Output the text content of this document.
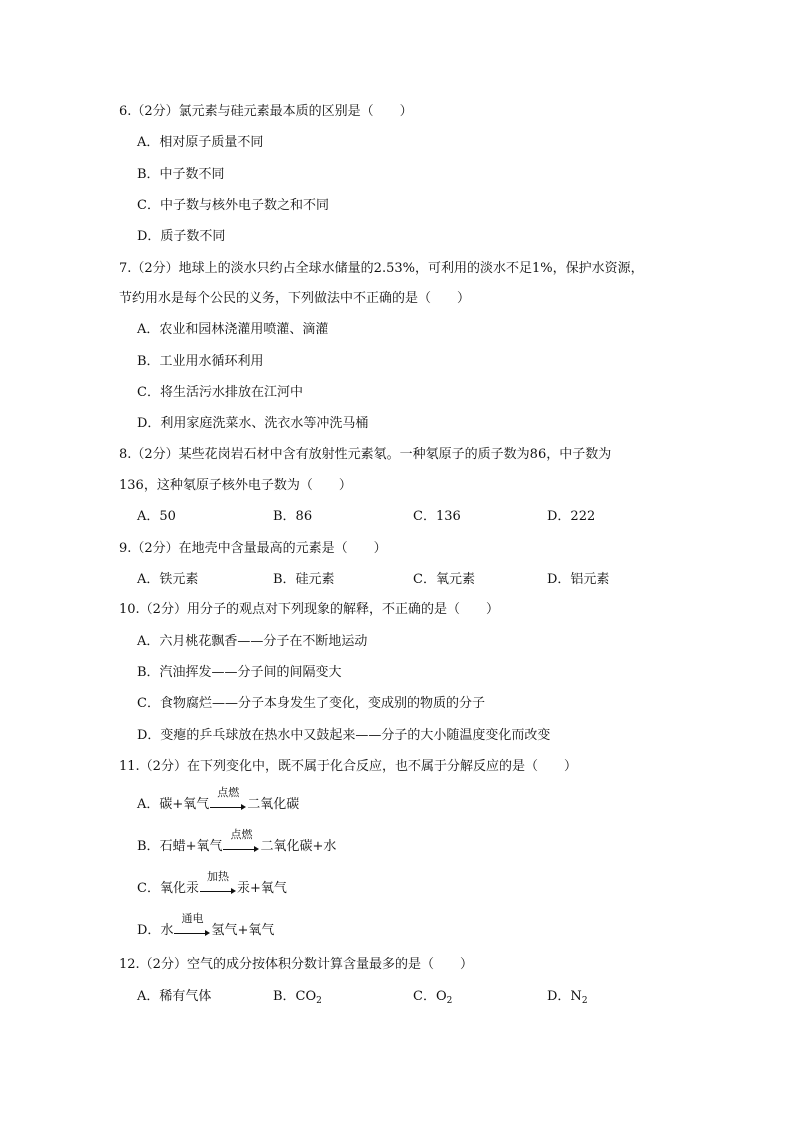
6.（2分）氯元素与硅元素最本质的区别是（　　）
A．相对原子质量不同
B．中子数不同
C．中子数与核外电子数之和不同
D．质子数不同
7.（2分）地球上的淡水只约占全球水储量的2.53%，可利用的淡水不足1%，保护水资源，
节约用水是每个公民的义务，下列做法中不正确的是（　　）
A．农业和园林浇灌用喷灌、滴灌
B．工业用水循环利用
C．将生活污水排放在江河中
D．利用家庭洗菜水、洗衣水等冲洗马桶
8.（2分）某些花岗岩石材中含有放射性元素氡。一种氡原子的质子数为86，中子数为
136，这种氡原子核外电子数为（　　）
A．50	B．86	C．136	D．222
9.（2分）在地壳中含量最高的元素是（　　）
A．铁元素	B．硅元素	C．氧元素	D．铝元素
10.（2分）用分子的观点对下列现象的解释，不正确的是（　　）
A．六月桃花飘香——分子在不断地运动
B．汽油挥发——分子间的间隔变大
C．食物腐烂——分子本身发生了变化，变成别的物质的分子
D．变瘪的乒乓球放在热水中又鼓起来——分子的大小随温度变化而改变
11.（2分）在下列变化中，既不属于化合反应，也不属于分解反应的是（　　）
A．碳+氧气
点燃
二氧化碳
B．石蜡+氧气
点燃
二氧化碳+水
C．氧化汞
加热
汞+氧气
D．水
通电
氢气+氧气
12.（2分）空气的成分按体积分数计算含量最多的是（　　）
A．稀有气体	B．$CO_2$	C．$O_2$	D．$N_2$
